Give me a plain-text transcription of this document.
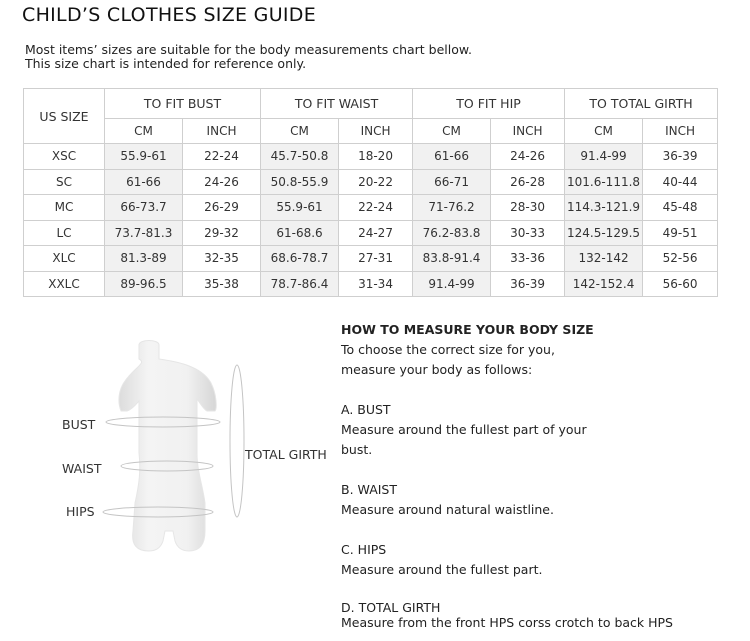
CHILD’S CLOTHES SIZE GUIDE
Most items’ sizes are suitable for the body measurements chart bellow.
This size chart is intended for reference only.
US SIZE	TO FIT BUST		TO FIT WAIST		TO FIT HIP		TO TOTAL GIRTH	
	CM	INCH	CM	INCH	CM	INCH	CM	INCH
XSC	55.9-61	22-24	45.7-50.8	18-20	61-66	24-26	91.4-99	36-39
SC	61-66	24-26	50.8-55.9	20-22	66-71	26-28	101.6-111.8	40-44
MC	66-73.7	26-29	55.9-61	22-24	71-76.2	28-30	114.3-121.9	45-48
LC	73.7-81.3	29-32	61-68.6	24-27	76.2-83.8	30-33	124.5-129.5	49-51
XLC	81.3-89	32-35	68.6-78.7	27-31	83.8-91.4	33-36	132-142	52-56
XXLC	89-96.5	35-38	78.7-86.4	31-34	91.4-99	36-39	142-152.4	56-60
BUST
WAIST
HIPS
TOTAL GIRTH
HOW TO MEASURE YOUR BODY SIZE
To choose the correct size for you,
measure your body as follows:
A. BUST
Measure around the fullest part of your
bust.
B. WAIST
Measure around natural waistline.
C. HIPS
Measure around the fullest part.
D. TOTAL GIRTH
Measure from the front HPS corss crotch to back HPS
